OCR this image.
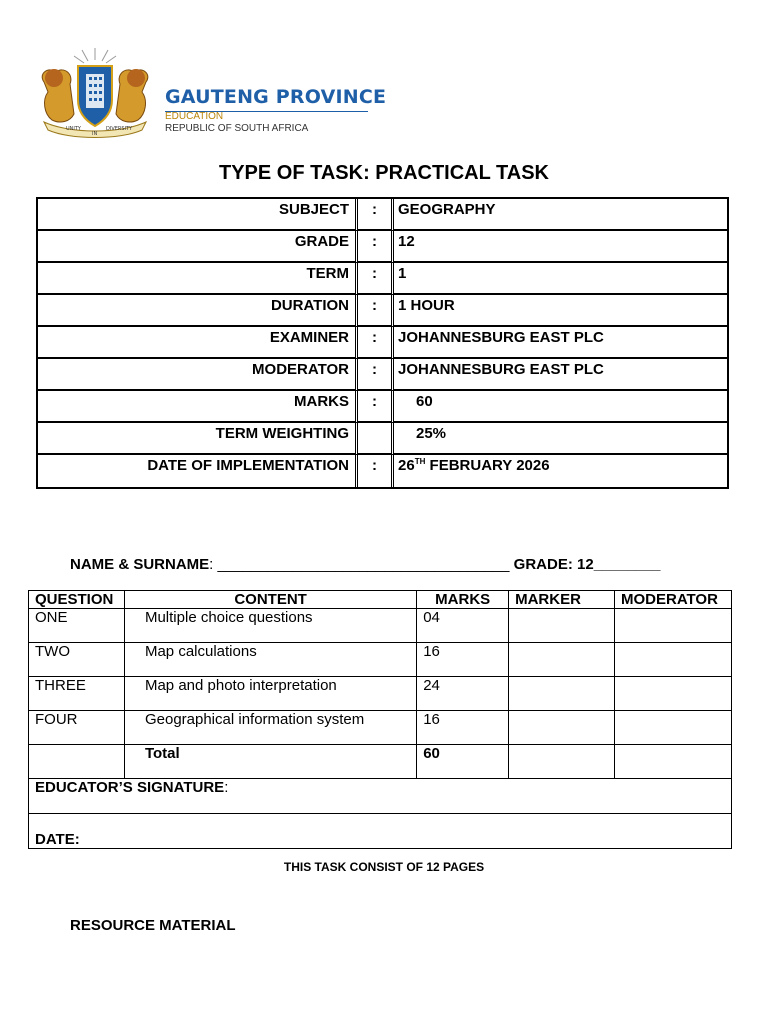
UNITY
IN
DIVERSITY
GAUTENG PROVINCE
EDUCATION
REPUBLIC OF SOUTH AFRICA
TYPE OF TASK: PRACTICAL TASK
SUBJECT	:	GEOGRAPHY
GRADE	:	12
TERM	:	1
DURATION	:	1 HOUR
EXAMINER	:	JOHANNESBURG EAST PLC
MODERATOR	:	JOHANNESBURG EAST PLC
MARKS	:	60
TERM WEIGHTING		25%
DATE OF IMPLEMENTATION	:	26TH FEBRUARY 2026
NAME & SURNAME: ___________________________________ GRADE: 12________
QUESTION	CONTENT	MARKS	MARKER	MODERATOR
ONE	Multiple choice questions	04		
TWO	Map calculations	16		
THREE	Map and photo interpretation	24		
FOUR	Geographical information system	16		
	Total	60		
EDUCATOR’S SIGNATURE:				
DATE:				
THIS TASK CONSIST OF 12 PAGES
RESOURCE MATERIAL
